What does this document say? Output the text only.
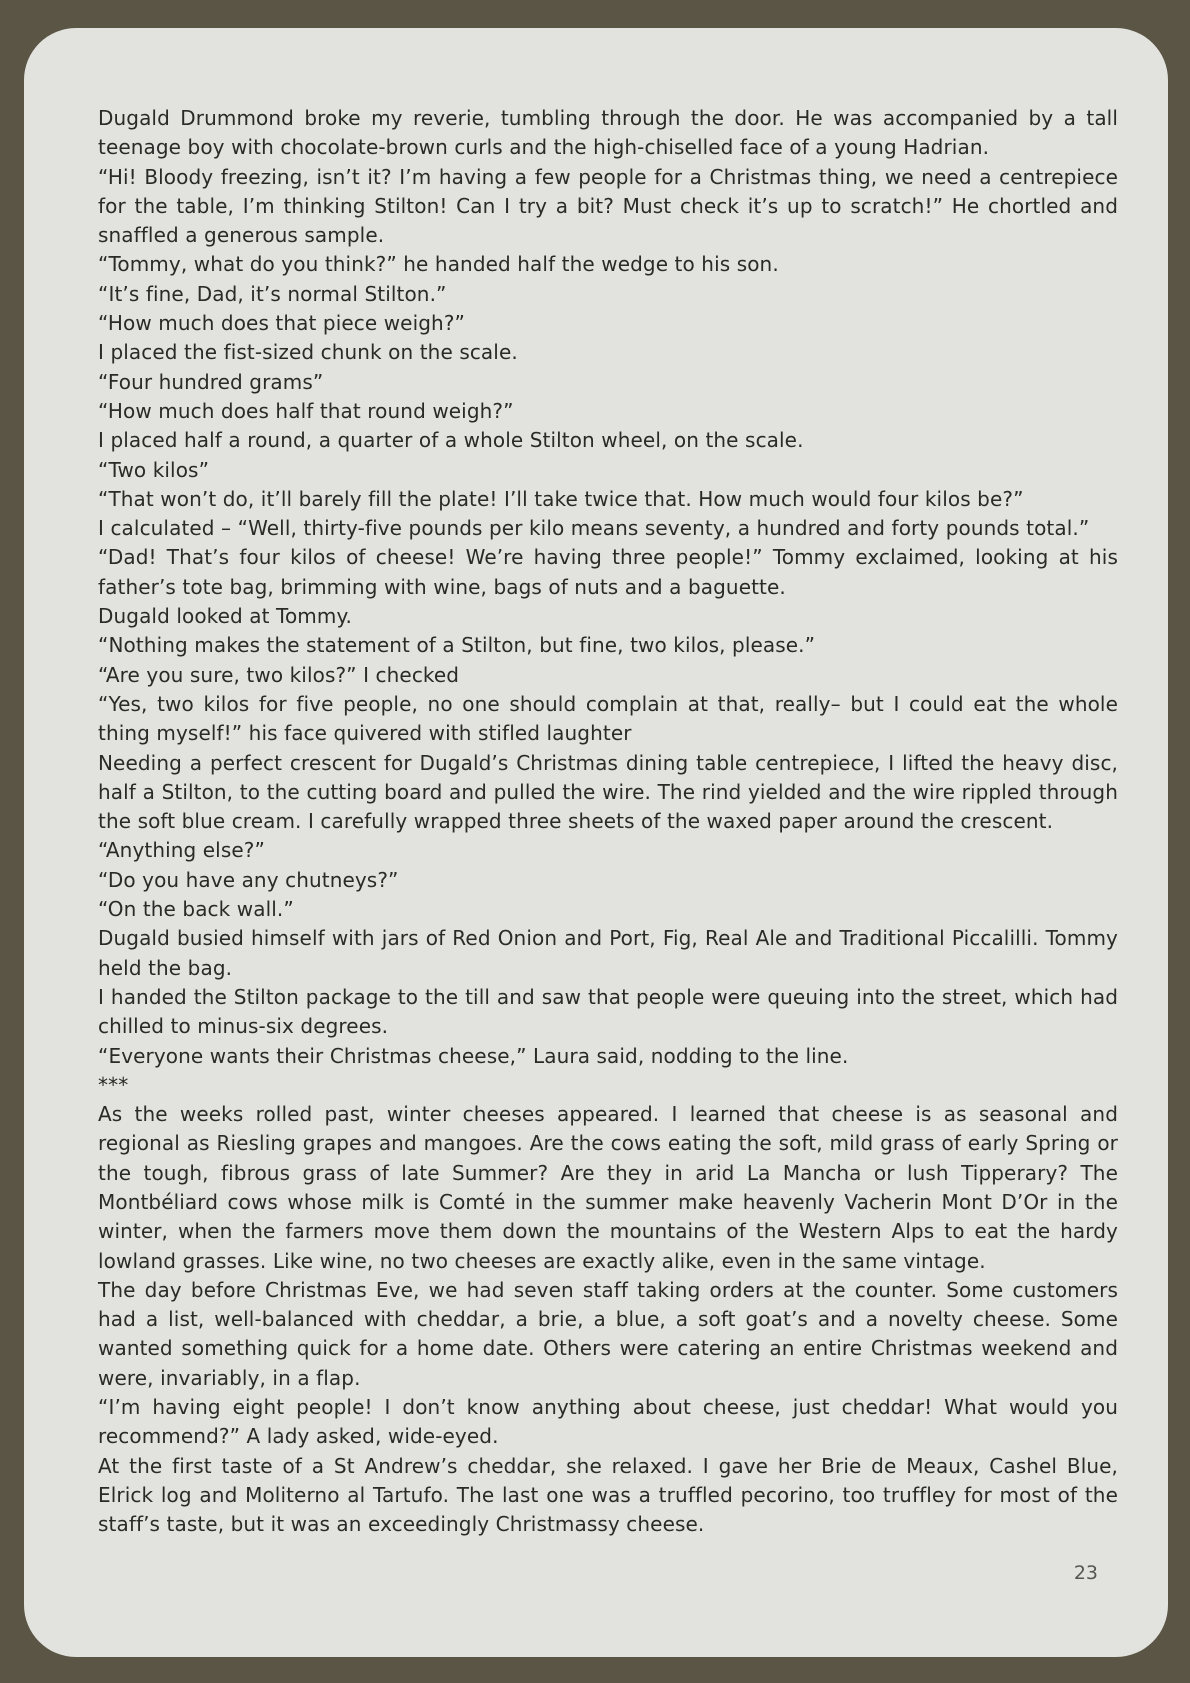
Dugald Drummond broke my reverie, tumbling through the door. He was accompanied by a tall teenage boy with chocolate-brown curls and the high-chiselled face of a young Hadrian.

“Hi! Bloody freezing, isn’t it? I’m having a few people for a Christmas thing, we need a centrepiece for the table, I’m thinking Stilton! Can I try a bit? Must check it’s up to scratch!” He chortled and snaffled a generous sample.

“Tommy, what do you think?” he handed half the wedge to his son.

“It’s fine, Dad, it’s normal Stilton.”

“How much does that piece weigh?”

I placed the fist-sized chunk on the scale.

“Four hundred grams”

“How much does half that round weigh?”

I placed half a round, a quarter of a whole Stilton wheel, on the scale.

“Two kilos”

“That won’t do, it’ll barely fill the plate! I’ll take twice that. How much would four kilos be?”

I calculated – “Well, thirty-five pounds per kilo means seventy, a hundred and forty pounds total.”

“Dad! That’s four kilos of cheese! We’re having three people!” Tommy exclaimed, looking at his father’s tote bag, brimming with wine, bags of nuts and a baguette.

Dugald looked at Tommy.

“Nothing makes the statement of a Stilton, but fine, two kilos, please.”

“Are you sure, two kilos?” I checked

“Yes, two kilos for five people, no one should complain at that, really– but I could eat the whole thing myself!” his face quivered with stifled laughter

Needing a perfect crescent for Dugald’s Christmas dining table centrepiece, I lifted the heavy disc, half a Stilton, to the cutting board and pulled the wire. The rind yielded and the wire rippled through the soft blue cream. I carefully wrapped three sheets of the waxed paper around the crescent.

“Anything else?”

“Do you have any chutneys?”

“On the back wall.”

Dugald busied himself with jars of Red Onion and Port, Fig, Real Ale and Traditional Piccalilli. Tommy held the bag.

I handed the Stilton package to the till and saw that people were queuing into the street, which had chilled to minus-six degrees.

“Everyone wants their Christmas cheese,” Laura said, nodding to the line.

***

As the weeks rolled past, winter cheeses appeared. I learned that cheese is as seasonal and regional as Riesling grapes and mangoes. Are the cows eating the soft, mild grass of early Spring or the tough, fibrous grass of late Summer? Are they in arid La Mancha or lush Tipperary? The Montbéliard cows whose milk is Comté in the summer make heavenly Vacherin Mont D’Or in the winter, when the farmers move them down the mountains of the Western Alps to eat the hardy lowland grasses. Like wine, no two cheeses are exactly alike, even in the same vintage.

The day before Christmas Eve, we had seven staff taking orders at the counter. Some customers had a list, well-balanced with cheddar, a brie, a blue, a soft goat’s and a novelty cheese. Some wanted something quick for a home date. Others were catering an entire Christmas weekend and were, invariably, in a flap.

“I’m having eight people! I don’t know anything about cheese, just cheddar! What would you recommend?” A lady asked, wide-eyed.

At the first taste of a St Andrew’s cheddar, she relaxed. I gave her Brie de Meaux, Cashel Blue, Elrick log and Moliterno al Tartufo. The last one was a truffled pecorino, too truffley for most of the staff’s taste, but it was an exceedingly Christmassy cheese.

23
